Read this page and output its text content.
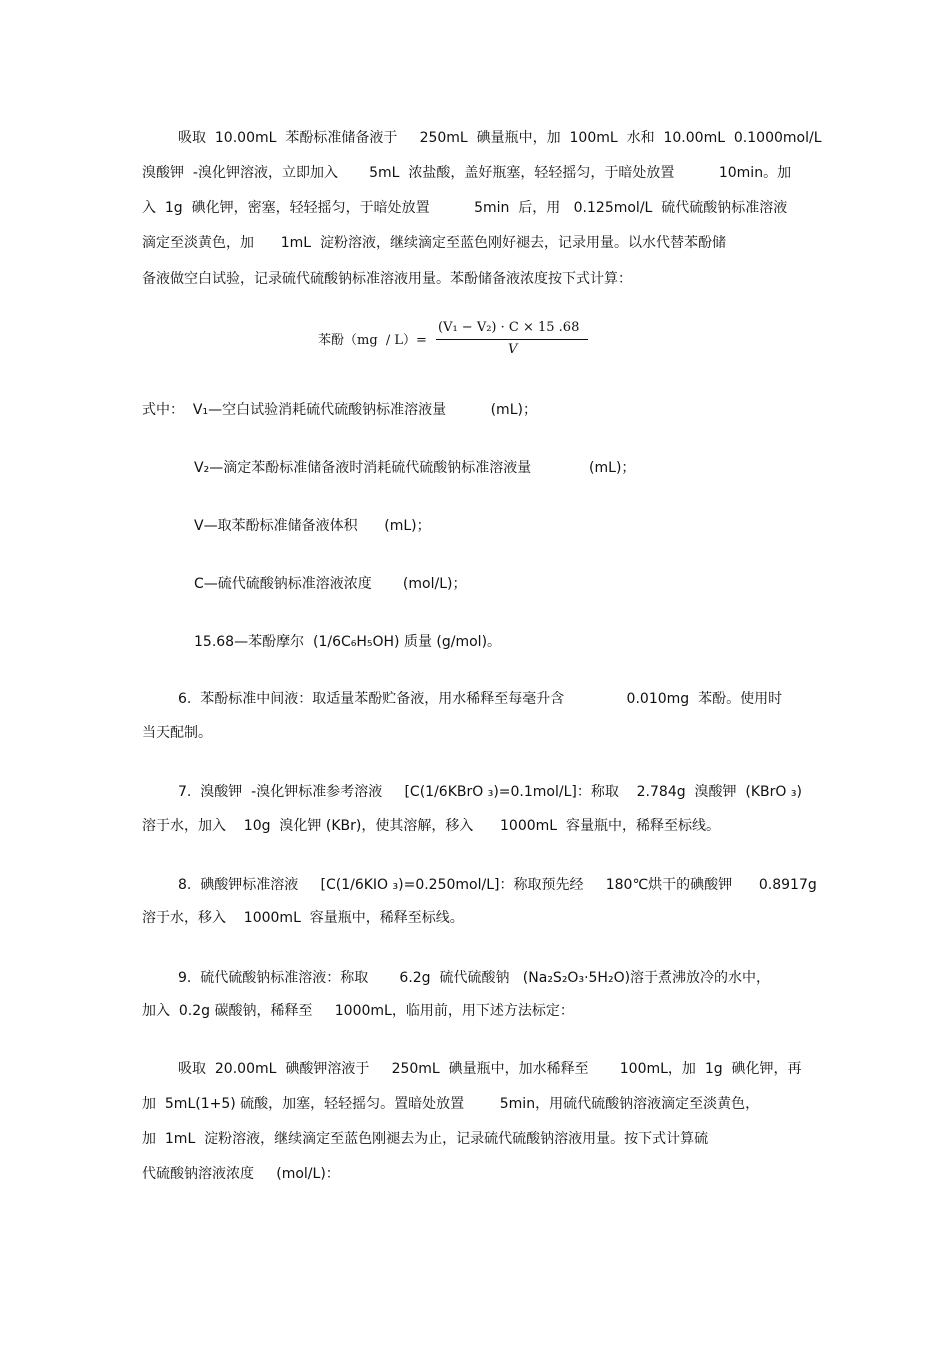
吸取  10.00mL  苯酚标准储备液于     250mL  碘量瓶中，加  100mL  水和  10.00mL  0.1000mol/L
溴酸钾  -溴化钾溶液，立即加入       5mL  浓盐酸，盖好瓶塞，轻轻摇匀，于暗处放置          10min。加
入  1g  碘化钾，密塞，轻轻摇匀，于暗处放置          5min  后，用   0.125mol/L  硫代硫酸钠标准溶液
滴定至淡黄色，加      1mL  淀粉溶液，继续滴定至蓝色刚好褪去，记录用量。以水代替苯酚储
备液做空白试验，记录硫代硫酸钠标准溶液用量。苯酚储备液浓度按下式计算：
苯酚（mg  / L）=
(V₁ − V₂) · C × 15 .68
V
式中：  V₁—空白试验消耗硫代硫酸钠标准溶液量          (mL)；
V₂—滴定苯酚标准储备液时消耗硫代硫酸钠标准溶液量             (mL)；
V—取苯酚标准储备液体积      (mL)；
C—硫代硫酸钠标准溶液浓度       (mol/L)；
15.68—苯酚摩尔  (1/6C₆H₅OH) 质量 (g/mol)。
6.  苯酚标准中间液：取适量苯酚贮备液，用水稀释至每毫升含              0.010mg  苯酚。使用时
当天配制。
7.  溴酸钾  -溴化钾标准参考溶液     [C(1/6KBrO ₃)=0.1mol/L]：称取    2.784g  溴酸钾  (KBrO ₃)
溶于水，加入    10g  溴化钾 (KBr)，使其溶解，移入      1000mL  容量瓶中，稀释至标线。
8.  碘酸钾标准溶液     [C(1/6KIO ₃)=0.250mol/L]：称取预先经     180℃烘干的碘酸钾      0.8917g
溶于水，移入    1000mL  容量瓶中，稀释至标线。
9.  硫代硫酸钠标准溶液：称取       6.2g  硫代硫酸钠   (Na₂S₂O₃·5H₂O)溶于煮沸放冷的水中，
加入  0.2g 碳酸钠，稀释至     1000mL，临用前，用下述方法标定：
吸取  20.00mL  碘酸钾溶液于     250mL  碘量瓶中，加水稀释至       100mL，加  1g  碘化钾，再
加  5mL(1+5) 硫酸，加塞，轻轻摇匀。置暗处放置        5min，用硫代硫酸钠溶液滴定至淡黄色，
加  1mL  淀粉溶液，继续滴定至蓝色刚褪去为止，记录硫代硫酸钠溶液用量。按下式计算硫
代硫酸钠溶液浓度     (mol/L)：
